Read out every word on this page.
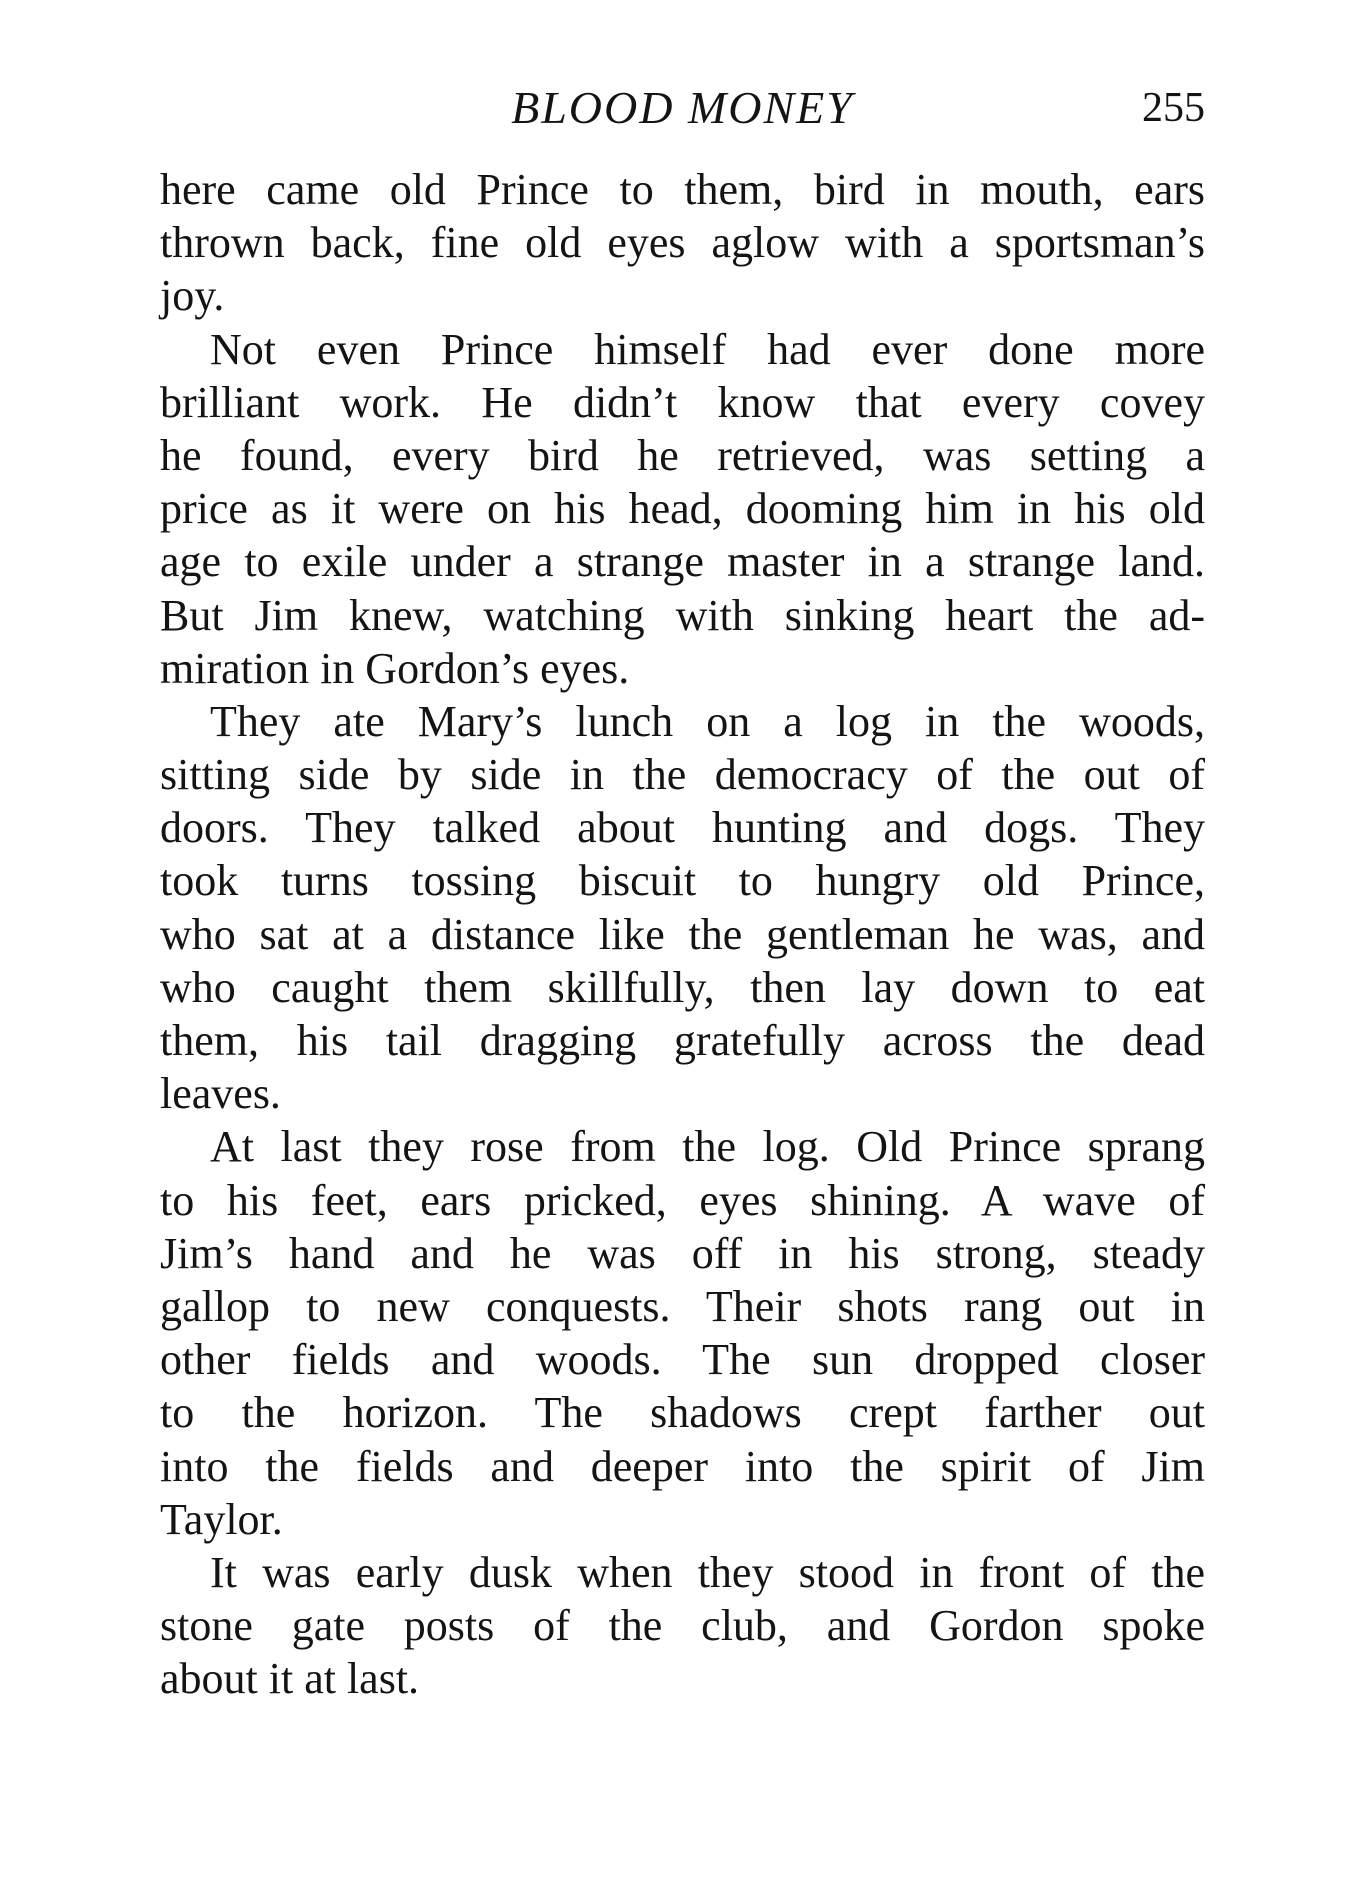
BLOOD MONEY	255
here came old Prince to them, bird in mouth, ears
thrown back, fine old eyes aglow with a sportsman’s
joy.
Not even Prince himself had ever done more
brilliant work. He didn’t know that every covey
he found, every bird he retrieved, was setting a
price as it were on his head, dooming him in his old
age to exile under a strange master in a strange land.
But Jim knew, watching with sinking heart the ad-
miration in Gordon’s eyes.
They ate Mary’s lunch on a log in the woods,
sitting side by side in the democracy of the out of
doors. They talked about hunting and dogs. They
took turns tossing biscuit to hungry old Prince,
who sat at a distance like the gentleman he was, and
who caught them skillfully, then lay down to eat
them, his tail dragging gratefully across the dead
leaves.
At last they rose from the log. Old Prince sprang
to his feet, ears pricked, eyes shining. A wave of
Jim’s hand and he was off in his strong, steady
gallop to new conquests. Their shots rang out in
other fields and woods. The sun dropped closer
to the horizon. The shadows crept farther out
into the fields and deeper into the spirit of Jim
Taylor.
It was early dusk when they stood in front of the
stone gate posts of the club, and Gordon spoke
about it at last.
